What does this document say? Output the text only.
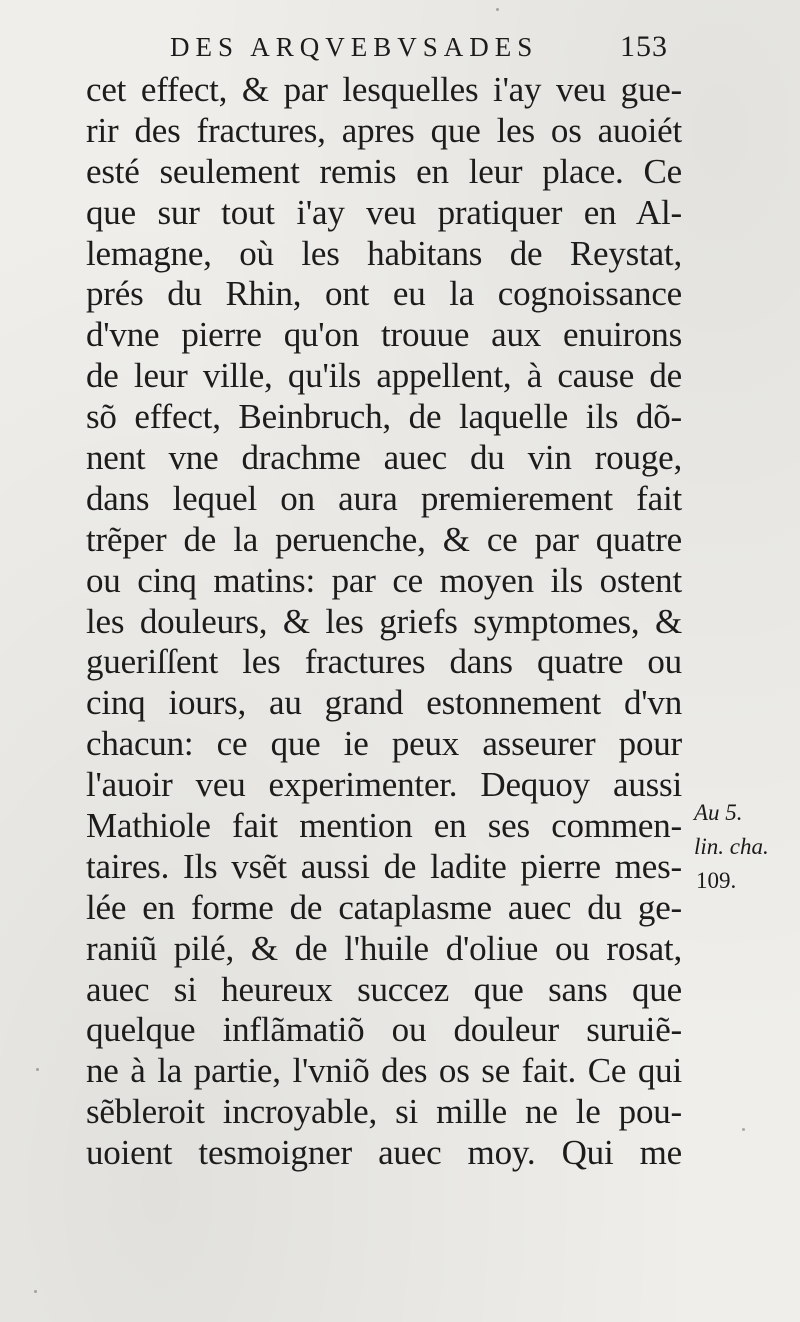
DES ARQVEBVSADES	153
cet effect, & par lesquelles i'ay veu gue-
rir des fractures, apres que les os auoiét
esté seulement remis en leur place. Ce
que sur tout i'ay veu pratiquer en Al-
lemagne, où les habitans de Reystat,
prés du Rhin, ont eu la cognoissance
d'vne pierre qu'on trouue aux enuirons
de leur ville, qu'ils appellent, à cause de
sõ effect, Beinbruch, de laquelle ils dõ-
nent vne drachme auec du vin rouge,
dans lequel on aura premierement fait
trẽper de la peruenche, & ce par quatre
ou cinq matins: par ce moyen ils ostent
les douleurs, & les griefs symptomes, &
gueriſſent les fractures dans quatre ou
cinq iours, au grand estonnement d'vn
chacun: ce que ie peux asseurer pour
l'auoir veu experimenter. Dequoy aussi
Mathiole fait mention en ses commen-
taires. Ils vsẽt aussi de ladite pierre mes-
lée en forme de cataplasme auec du ge-
raniũ pilé, & de l'huile d'oliue ou rosat,
auec si heureux succez que sans que
quelque inflãmatiõ ou douleur suruiẽ-
ne à la partie, l'vniõ des os se fait. Ce qui
sẽbleroit incroyable, si mille ne le pou-
uoient tesmoigner auec moy. Qui me
Au 5.
lin. cha.
109.
